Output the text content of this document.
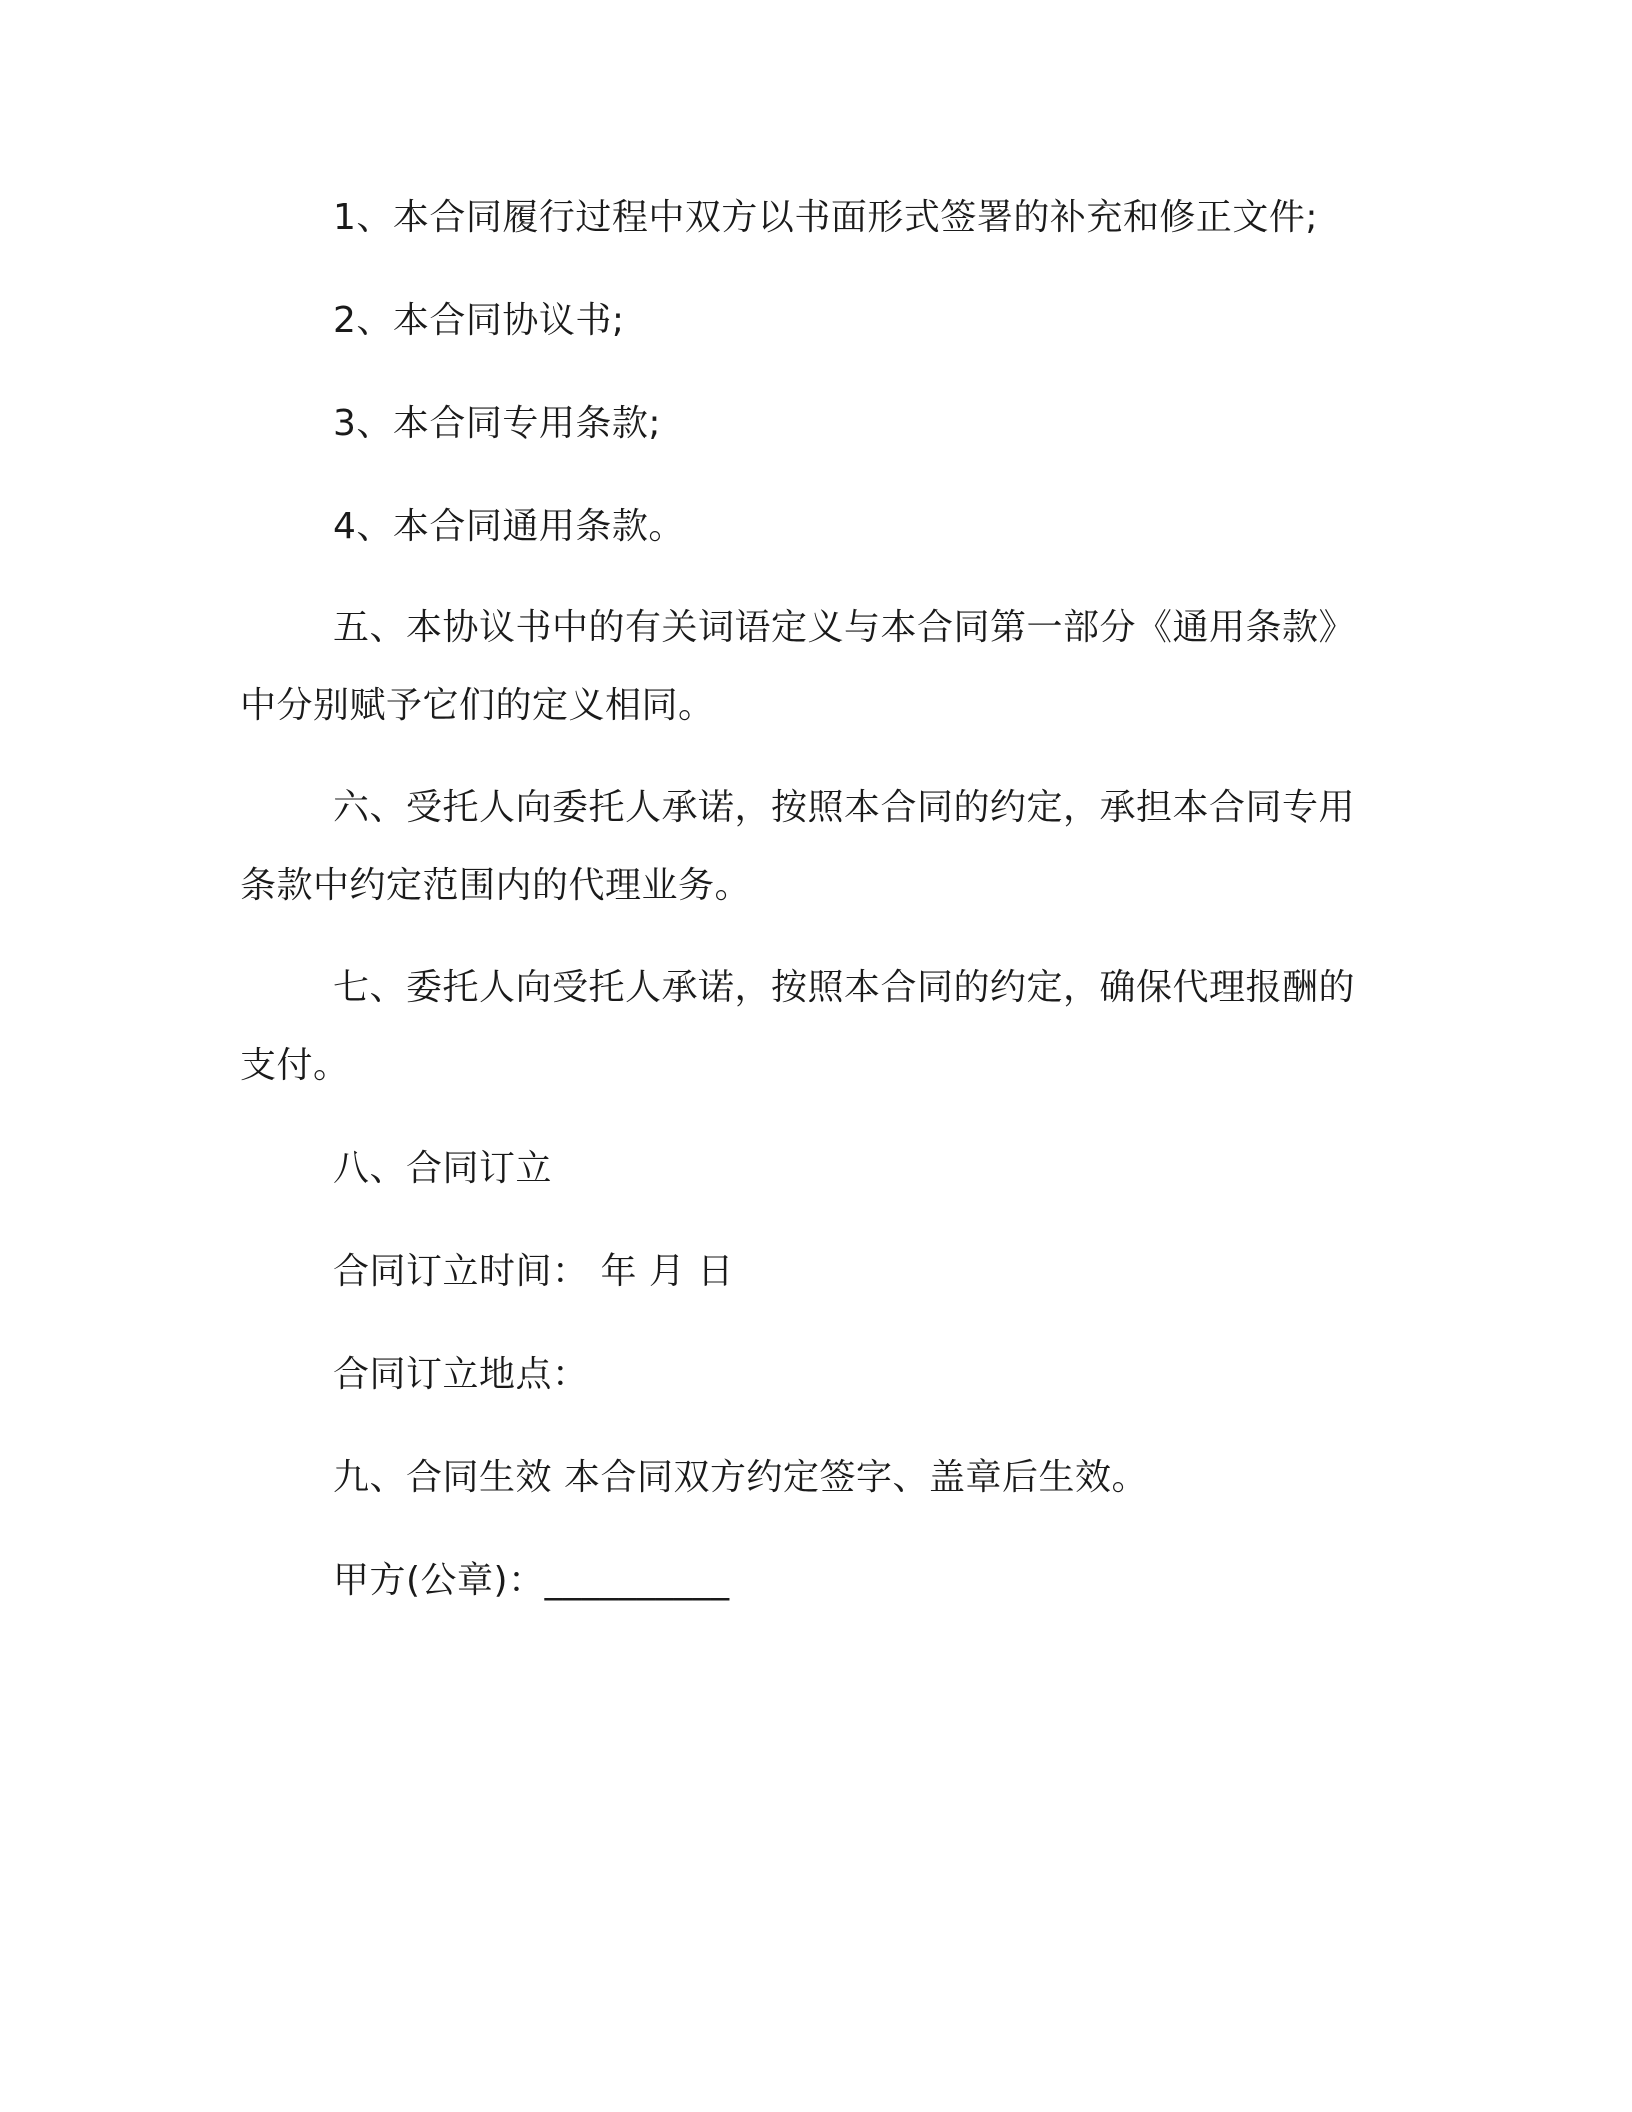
1、本合同履行过程中双方以书面形式签署的补充和修正文件;
2、本合同协议书;
3、本合同专用条款;
4、本合同通用条款。
五、本协议书中的有关词语定义与本合同第一部分《通用条款》
中分别赋予它们的定义相同。
六、受托人向委托人承诺，按照本合同的约定，承担本合同专用
条款中约定范围内的代理业务。
七、委托人向受托人承诺，按照本合同的约定，确保代理报酬的
支付。
八、合同订立
合同订立时间： 年 月 日
合同订立地点：
九、合同生效 本合同双方约定签字、盖章后生效。
甲方(公章)：__________
